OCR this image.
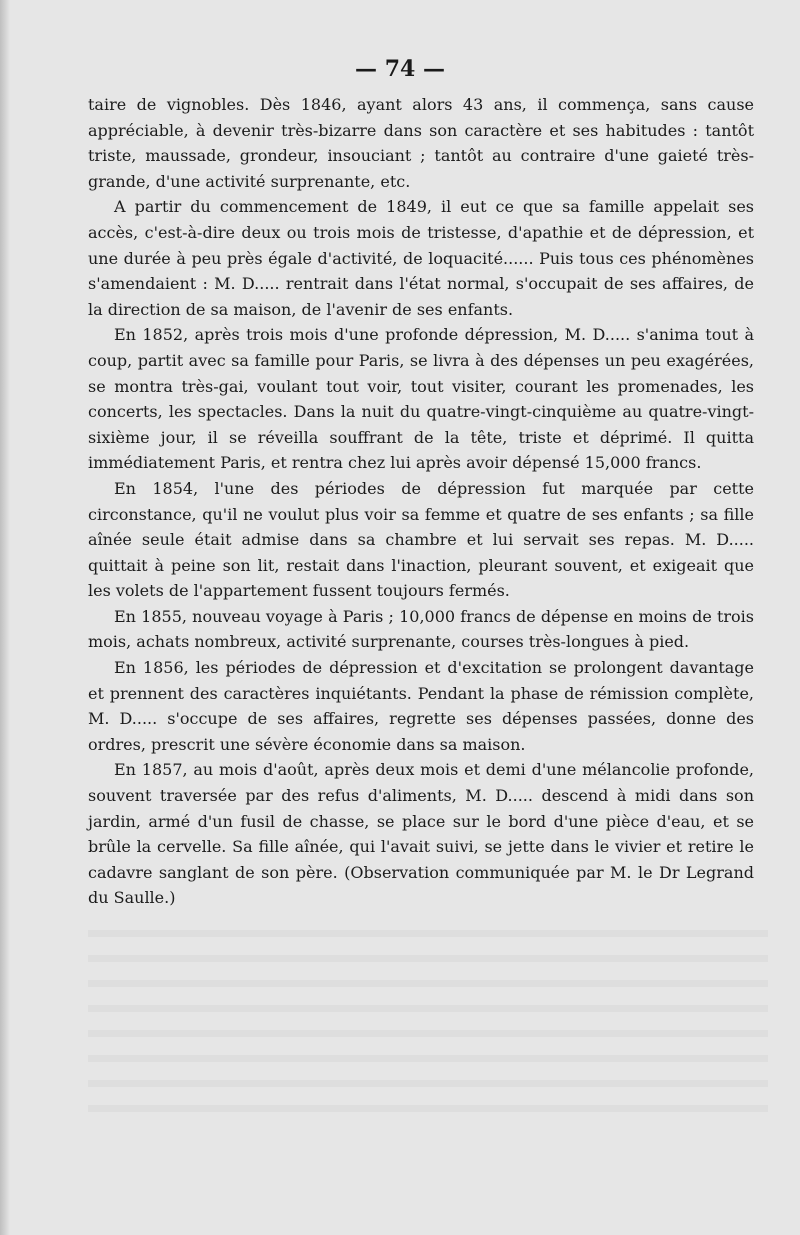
— 74 —

taire de vignobles. Dès 1846, ayant alors 43 ans, il commença, sans cause appréciable, à devenir très-bizarre dans son caractère et ses habitudes : tantôt triste, maussade, grondeur, insouciant ; tantôt au contraire d'une gaieté très-grande, d'une activité surprenante, etc.

A partir du commencement de 1849, il eut ce que sa famille appelait ses accès, c'est-à-dire deux ou trois mois de tristesse, d'apathie et de dépression, et une durée à peu près égale d'activité, de loquacité...... Puis tous ces phénomènes s'amendaient : M. D..... rentrait dans l'état normal, s'occupait de ses affaires, de la direction de sa maison, de l'avenir de ses enfants.

En 1852, après trois mois d'une profonde dépression, M. D..... s'anima tout à coup, partit avec sa famille pour Paris, se livra à des dépenses un peu exagérées, se montra très-gai, voulant tout voir, tout visiter, courant les promenades, les concerts, les spectacles. Dans la nuit du quatre-vingt-cinquième au quatre-vingt-sixième jour, il se réveilla souffrant de la tête, triste et déprimé. Il quitta immédiatement Paris, et rentra chez lui après avoir dépensé 15,000 francs.

En 1854, l'une des périodes de dépression fut marquée par cette circonstance, qu'il ne voulut plus voir sa femme et quatre de ses enfants ; sa fille aînée seule était admise dans sa chambre et lui servait ses repas. M. D..... quittait à peine son lit, restait dans l'inaction, pleurant souvent, et exigeait que les volets de l'appartement fussent toujours fermés.

En 1855, nouveau voyage à Paris ; 10,000 francs de dépense en moins de trois mois, achats nombreux, activité surprenante, courses très-longues à pied.

En 1856, les périodes de dépression et d'excitation se prolongent davantage et prennent des caractères inquiétants. Pendant la phase de rémission complète, M. D..... s'occupe de ses affaires, regrette ses dépenses passées, donne des ordres, prescrit une sévère économie dans sa maison.

En 1857, au mois d'août, après deux mois et demi d'une mélancolie profonde, souvent traversée par des refus d'aliments, M. D..... descend à midi dans son jardin, armé d'un fusil de chasse, se place sur le bord d'une pièce d'eau, et se brûle la cervelle. Sa fille aînée, qui l'avait suivi, se jette dans le vivier et retire le cadavre sanglant de son père. (Observation communiquée par M. le Dr Legrand du Saulle.)
